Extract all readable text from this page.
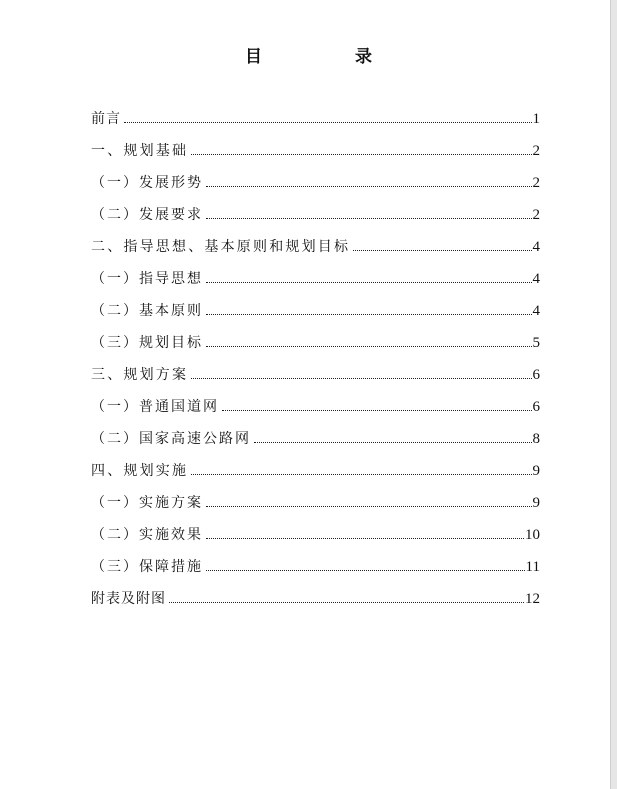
目　录
前言	1
一、规划基础	2
（一）发展形势	2
（二）发展要求	2
二、指导思想、基本原则和规划目标	4
（一）指导思想	4
（二）基本原则	4
（三）规划目标	5
三、规划方案	6
（一）普通国道网	6
（二）国家高速公路网	8
四、规划实施	9
（一）实施方案	9
（二）实施效果	10
（三）保障措施	11
附表及附图	12
